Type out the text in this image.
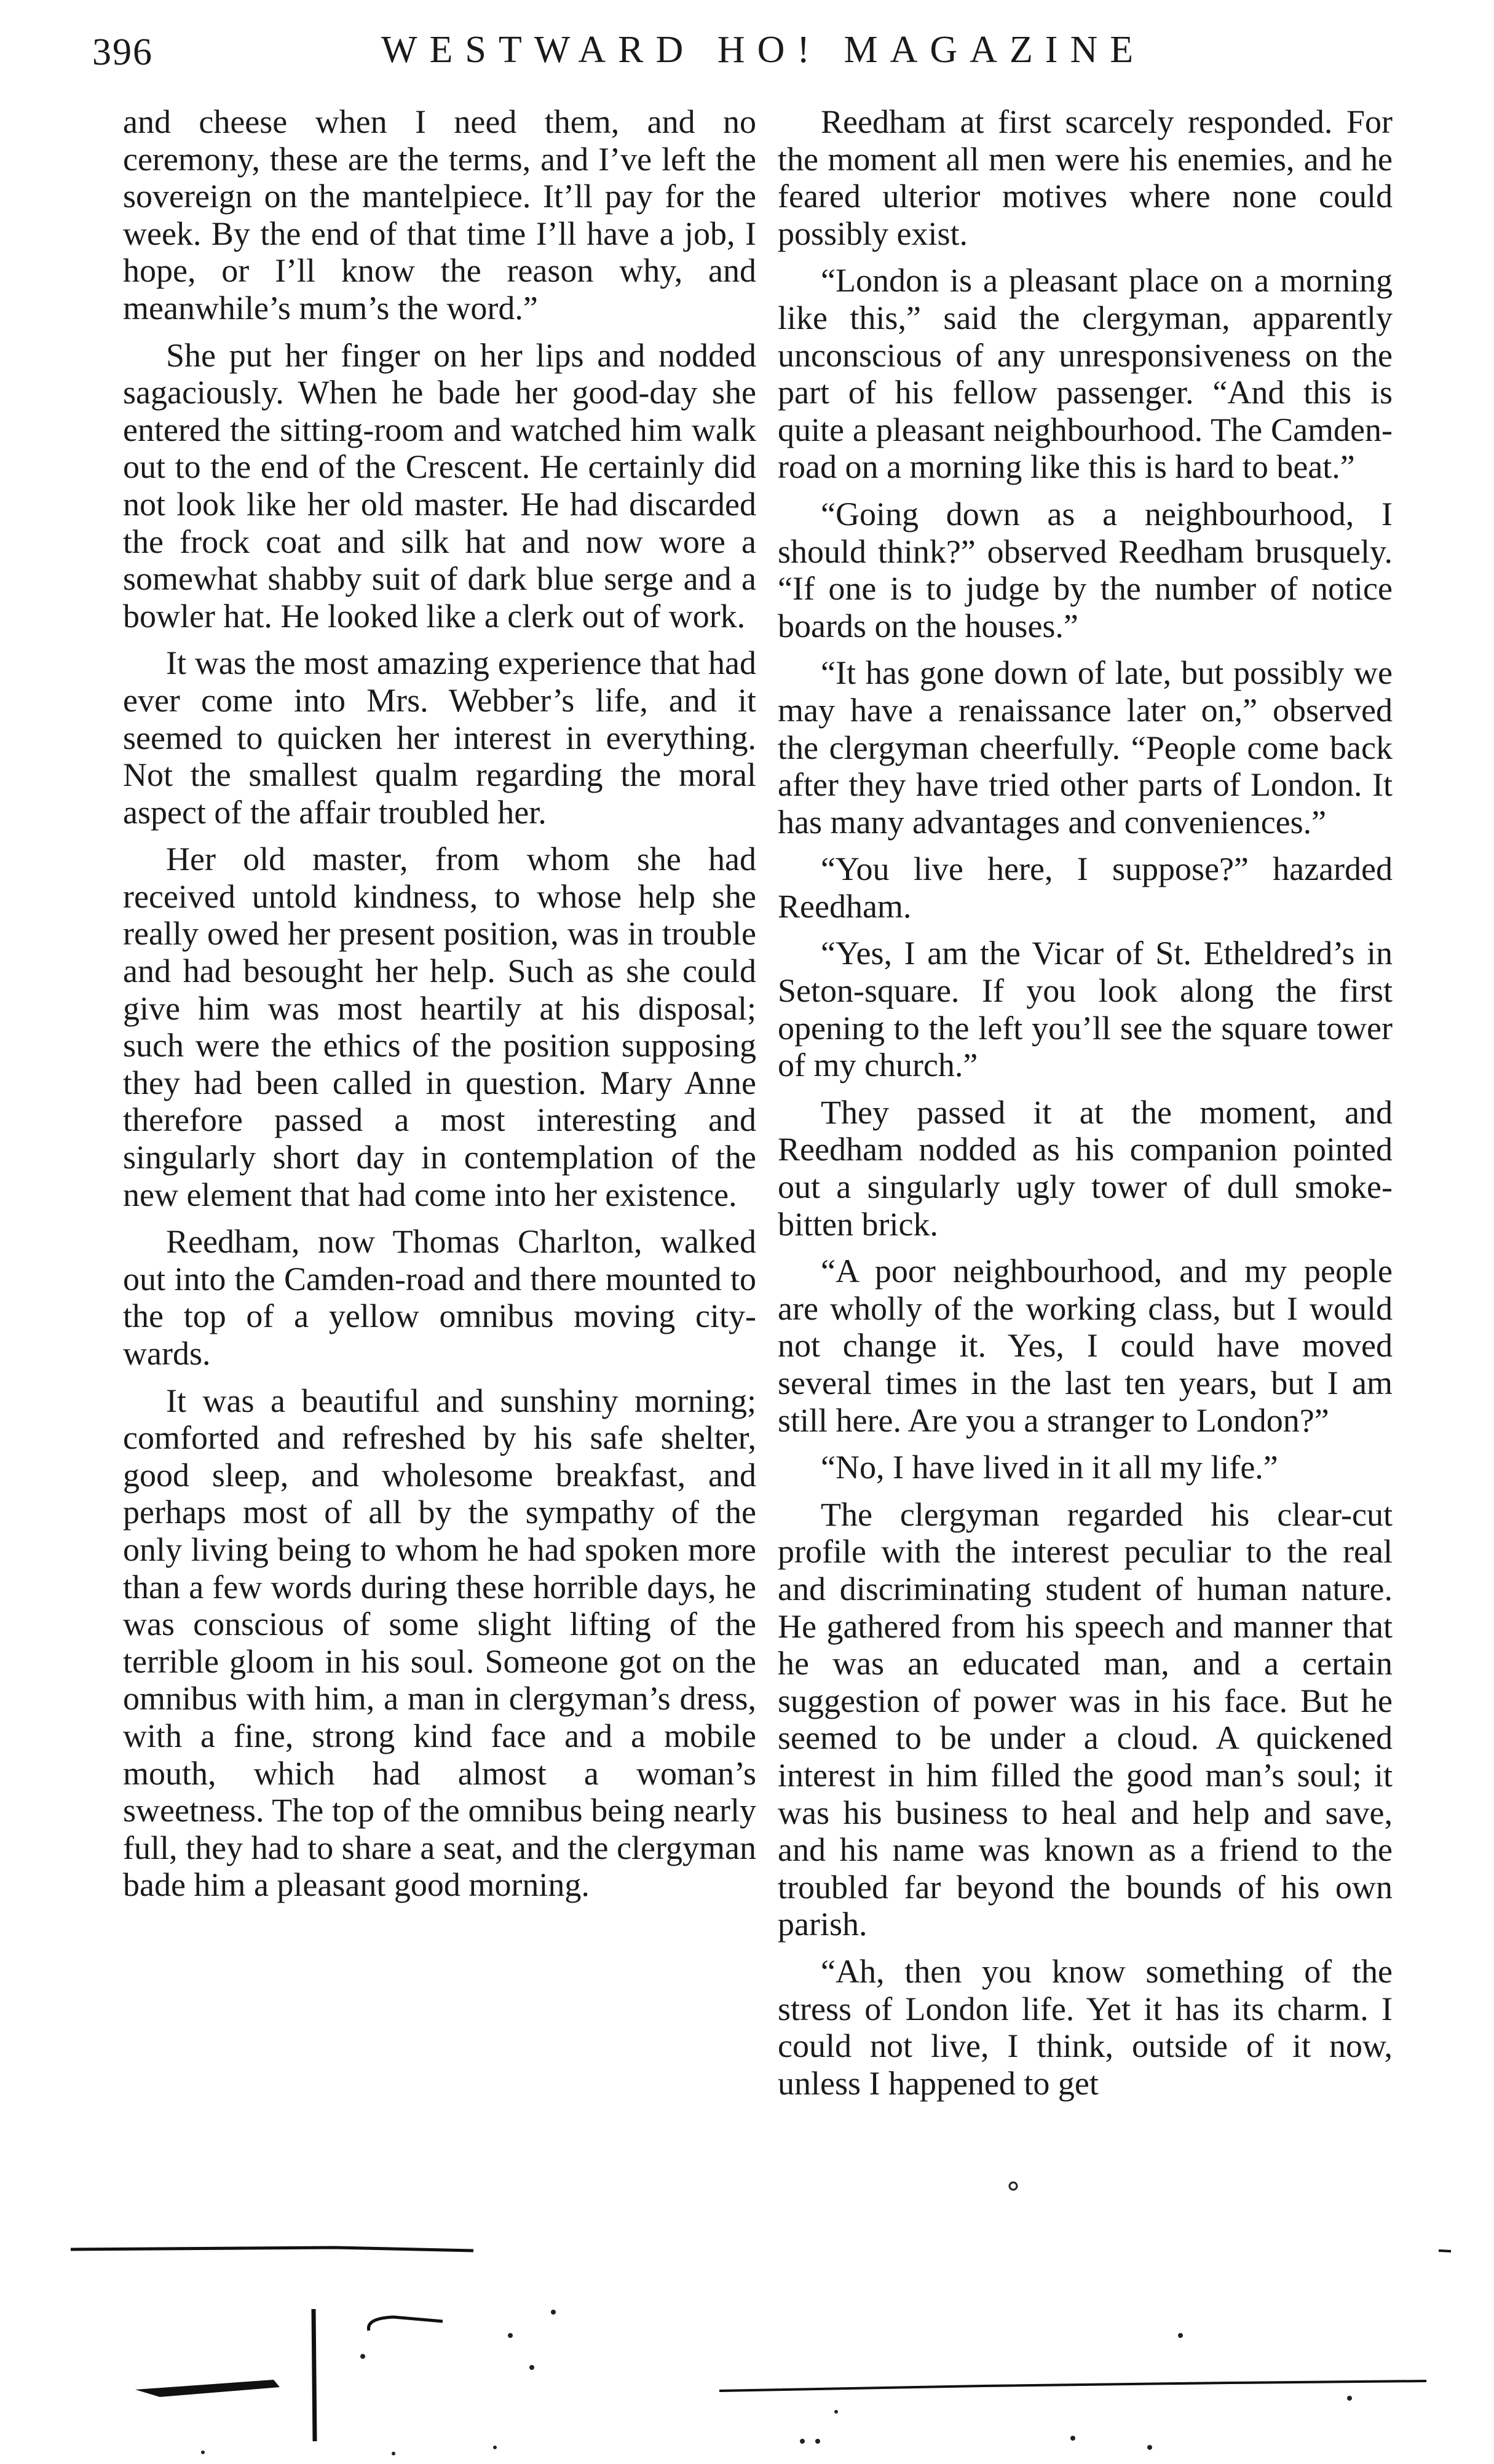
396	WESTWARD HO! MAGAZINE

and cheese when I need them, and no ceremony, these are the terms, and I’ve left the sovereign on the mantelpiece. It’ll pay for the week. By the end of that time I’ll have a job, I hope, or I’ll know the reason why, and meanwhile’s mum’s the word.”

She put her finger on her lips and nodded sagaciously. When he bade her good-day she entered the sitting-room and watched him walk out to the end of the Crescent. He certainly did not look like her old master. He had discarded the frock coat and silk hat and now wore a somewhat shabby suit of dark blue serge and a bowler hat. He looked like a clerk out of work.

It was the most amazing experience that had ever come into Mrs. Webber’s life, and it seemed to quicken her interest in everything. Not the smallest qualm regarding the moral aspect of the affair troubled her.

Her old master, from whom she had received untold kindness, to whose help she really owed her present position, was in trouble and had besought her help. Such as she could give him was most heartily at his disposal; such were the ethics of the position supposing they had been called in question. Mary Anne therefore passed a most interesting and singularly short day in contemplation of the new element that had come into her existence.

Reedham, now Thomas Charlton, walked out into the Camden-road and there mounted to the top of a yellow omnibus moving city-wards.

It was a beautiful and sunshiny morning; comforted and refreshed by his safe shelter, good sleep, and wholesome breakfast, and perhaps most of all by the sympathy of the only living being to whom he had spoken more than a few words during these horrible days, he was conscious of some slight lifting of the terrible gloom in his soul. Someone got on the omnibus with him, a man in clergyman’s dress, with a fine, strong kind face and a mobile mouth, which had almost a woman’s sweetness. The top of the omnibus being nearly full, they had to share a seat, and the clergyman bade him a pleasant good morning.

Reedham at first scarcely responded. For the moment all men were his enemies, and he feared ulterior motives where none could possibly exist.

“London is a pleasant place on a morning like this,” said the clergyman, apparently unconscious of any unresponsiveness on the part of his fellow passenger. “And this is quite a pleasant neighbourhood. The Camden-road on a morning like this is hard to beat.”

“Going down as a neighbourhood, I should think?” observed Reedham brusquely. “If one is to judge by the number of notice boards on the houses.”

“It has gone down of late, but possibly we may have a renaissance later on,” observed the clergyman cheerfully. “People come back after they have tried other parts of London. It has many advantages and conveniences.”

“You live here, I suppose?” hazarded Reedham.

“Yes, I am the Vicar of St. Etheldred’s in Seton-square. If you look along the first opening to the left you’ll see the square tower of my church.”

They passed it at the moment, and Reedham nodded as his companion pointed out a singularly ugly tower of dull smoke-bitten brick.

“A poor neighbourhood, and my people are wholly of the working class, but I would not change it. Yes, I could have moved several times in the last ten years, but I am still here. Are you a stranger to London?”

“No, I have lived in it all my life.”

The clergyman regarded his clear-cut profile with the interest peculiar to the real and discriminating student of human nature. He gathered from his speech and manner that he was an educated man, and a certain suggestion of power was in his face. But he seemed to be under a cloud. A quickened interest in him filled the good man’s soul; it was his business to heal and help and save, and his name was known as a friend to the troubled far beyond the bounds of his own parish.

“Ah, then you know something of the stress of London life. Yet it has its charm. I could not live, I think, outside of it now, unless I happened to get
